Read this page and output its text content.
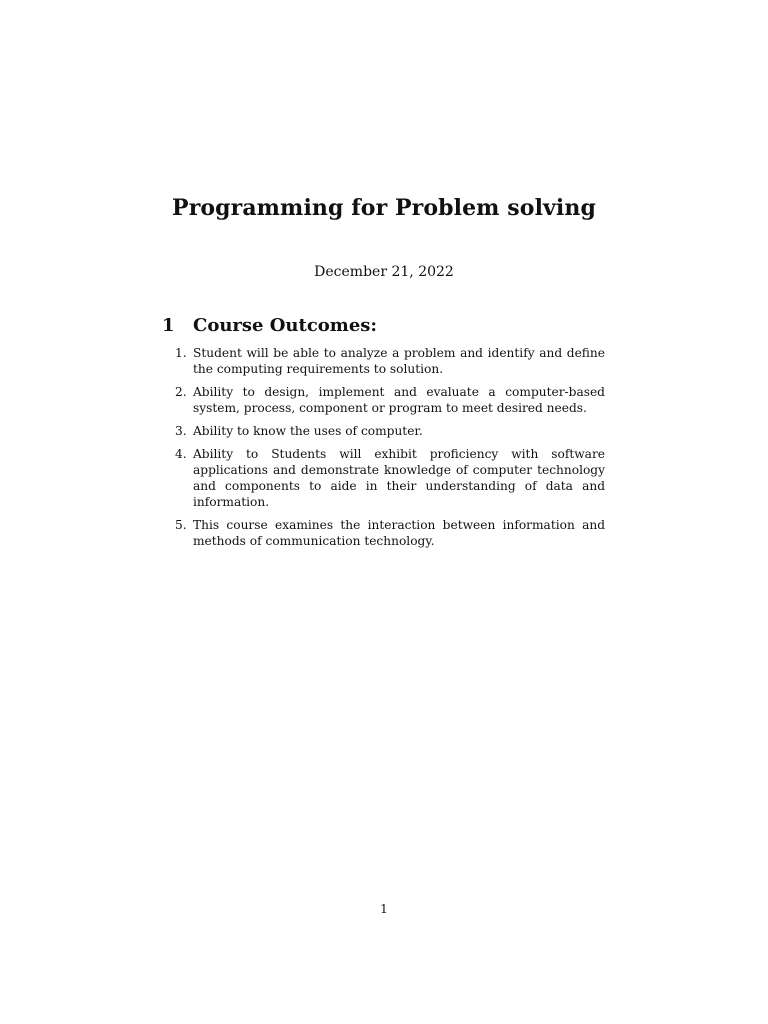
Programming for Problem solving
December 21, 2022
1 Course Outcomes:
1. Student will be able to analyze a problem and identify and define the computing requirements to solution.
2. Ability to design, implement and evaluate a computer-based system, process, component or program to meet desired needs.
3. Ability to know the uses of computer.
4. Ability to Students will exhibit proficiency with software applications and demonstrate knowledge of computer technology and components to aide in their understanding of data and information.
5. This course examines the interaction between information and methods of communication technology.
1
